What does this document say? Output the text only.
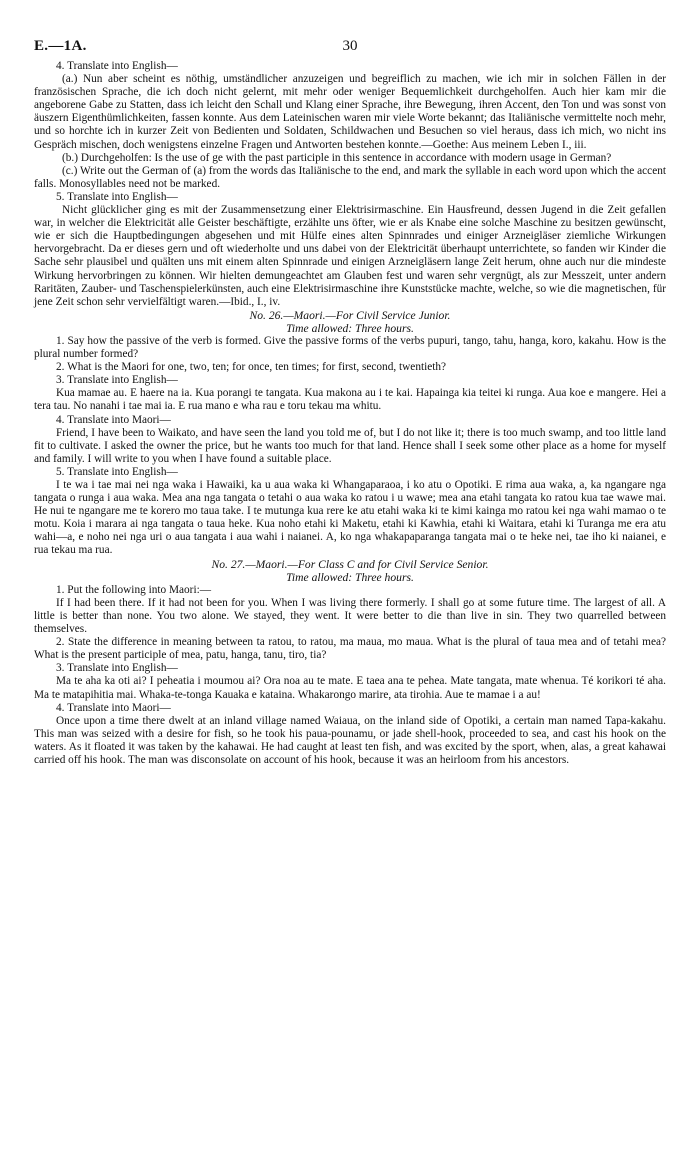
30
E.—1A.

4. Translate into English—

(a.) Nun aber scheint es nöthig, umständlicher anzuzeigen und begreiflich zu machen, wie ich mir in solchen Fällen in der französischen Sprache, die ich doch nicht gelernt, mit mehr oder weniger Bequemlichkeit durchgeholfen. Auch hier kam mir die angeborene Gabe zu Statten, dass ich leicht den Schall und Klang einer Sprache, ihre Bewegung, ihren Accent, den Ton und was sonst von äuszern Eigenthümlichkeiten, fassen konnte. Aus dem Lateinischen waren mir viele Worte bekannt; das Italiänische vermittelte noch mehr, und so horchte ich in kurzer Zeit von Bedienten und Soldaten, Schildwachen und Besuchen so viel heraus, dass ich mich, wo nicht ins Gespräch mischen, doch wenigstens einzelne Fragen und Antworten bestehen konnte.—Goethe: Aus meinem Leben I., iii.

(b.) Durchgeholfen: Is the use of ge with the past participle in this sentence in accordance with modern usage in German?

(c.) Write out the German of (a) from the words das Italiänische to the end, and mark the syllable in each word upon which the accent falls. Monosyllables need not be marked.

5. Translate into English—

Nicht glücklicher ging es mit der Zusammensetzung einer Elektrisirmaschine. Ein Hausfreund, dessen Jugend in die Zeit gefallen war, in welcher die Elektricität alle Geister beschäftigte, erzählte uns öfter, wie er als Knabe eine solche Maschine zu besitzen gewünscht, wie er sich die Hauptbedingungen abgesehen und mit Hülfe eines alten Spinnrades und einiger Arzneigläser ziemliche Wirkungen hervorgebracht. Da er dieses gern und oft wiederholte und uns dabei von der Elektricität überhaupt unterrichtete, so fanden wir Kinder die Sache sehr plausibel und quälten uns mit einem alten Spinnrade und einigen Arzneigläsern lange Zeit herum, ohne auch nur die mindeste Wirkung hervorbringen zu können. Wir hielten demungeachtet am Glauben fest und waren sehr vergnügt, als zur Messzeit, unter andern Raritäten, Zauber- und Taschenspielerkünsten, auch eine Elektrisirmaschine ihre Kunststücke machte, welche, so wie die magnetischen, für jene Zeit schon sehr vervielfältigt waren.—Ibid., I., iv.

No. 26.—Maori.—For Civil Service Junior.

Time allowed: Three hours.

1. Say how the passive of the verb is formed. Give the passive forms of the verbs pupuri, tango, tahu, hanga, koro, kakahu. How is the plural number formed?

2. What is the Maori for one, two, ten; for once, ten times; for first, second, twentieth?

3. Translate into English—

Kua mamae au. E haere na ia. Kua porangi te tangata. Kua makona au i te kai. Hapainga kia teitei ki runga. Aua koe e mangere. Hei a tera tau. No nanahi i tae mai ia. E rua mano e wha rau e toru tekau ma whitu.

4. Translate into Maori—

Friend, I have been to Waikato, and have seen the land you told me of, but I do not like it; there is too much swamp, and too little land fit to cultivate. I asked the owner the price, but he wants too much for that land. Hence shall I seek some other place as a home for myself and family. I will write to you when I have found a suitable place.

5. Translate into English—

I te wa i tae mai nei nga waka i Hawaiki, ka u aua waka ki Whangaparaoa, i ko atu o Opotiki. E rima aua waka, a, ka ngangare nga tangata o runga i aua waka. Mea ana nga tangata o tetahi o aua waka ko ratou i u wawe; mea ana etahi tangata ko ratou kua tae wawe mai. He nui te ngangare me te korero mo taua take. I te mutunga kua rere ke atu etahi waka ki te kimi kainga mo ratou kei nga wahi mamao o te motu. Koia i marara ai nga tangata o taua heke. Kua noho etahi ki Maketu, etahi ki Kawhia, etahi ki Waitara, etahi ki Turanga me era atu wahi—a, e noho nei nga uri o aua tangata i aua wahi i naianei. A, ko nga whakapaparanga tangata mai o te heke nei, tae iho ki naianei, e rua tekau ma rua.

No. 27.—Maori.—For Class C and for Civil Service Senior.

Time allowed: Three hours.

1. Put the following into Maori:—

If I had been there. If it had not been for you. When I was living there formerly. I shall go at some future time. The largest of all. A little is better than none. You two alone. We stayed, they went. It were better to die than live in sin. They two quarrelled between themselves.

2. State the difference in meaning between ta ratou, to ratou, ma maua, mo maua. What is the plural of taua mea and of tetahi mea? What is the present participle of mea, patu, hanga, tanu, tiro, tia?

3. Translate into English—

Ma te aha ka oti ai? I peheatia i moumou ai? Ora noa au te mate. E taea ana te pehea. Mate tangata, mate whenua. Té korikori té aha. Ma te matapihitia mai. Whaka-te-tonga Kauaka e kataina. Whakarongo marire, ata tirohia. Aue te mamae i a au!

4. Translate into Maori—

Once upon a time there dwelt at an inland village named Waiaua, on the inland side of Opotiki, a certain man named Tapa-kakahu. This man was seized with a desire for fish, so he took his paua-pounamu, or jade shell-hook, proceeded to sea, and cast his hook on the waters. As it floated it was taken by the kahawai. He had caught at least ten fish, and was excited by the sport, when, alas, a great kahawai carried off his hook. The man was disconsolate on account of his hook, because it was an heirloom from his ancestors.
